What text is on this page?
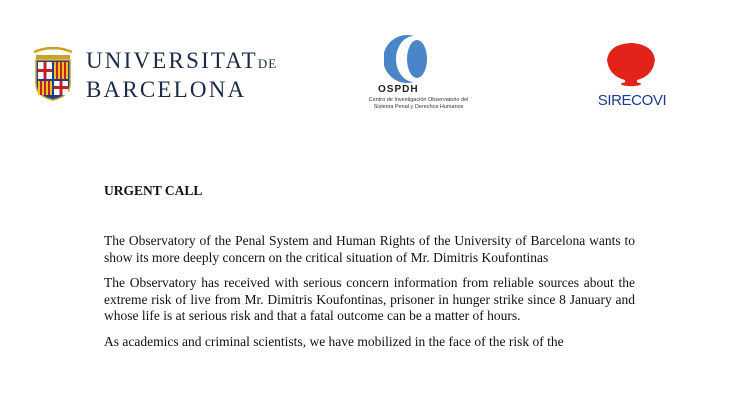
····· UNIVERSITATDE
BARCELONA	OSPDH
Centro de Investigación Observatorio del
Sistema Penal y Derechos Humanos	SIRECOVI
URGENT CALL

The Observatory of the Penal System and Human Rights of the University of Barcelona wants to show its more deeply concern on the critical situation of Mr. Dimitris Koufontinas

The Observatory has received with serious concern information from reliable sources about the extreme risk of live from Mr. Dimitris Koufontinas, prisoner in hunger strike since 8 January and whose life is at serious risk and that a fatal outcome can be a matter of hours.

As academics and criminal scientists, we have mobilized in the face of the risk of the
